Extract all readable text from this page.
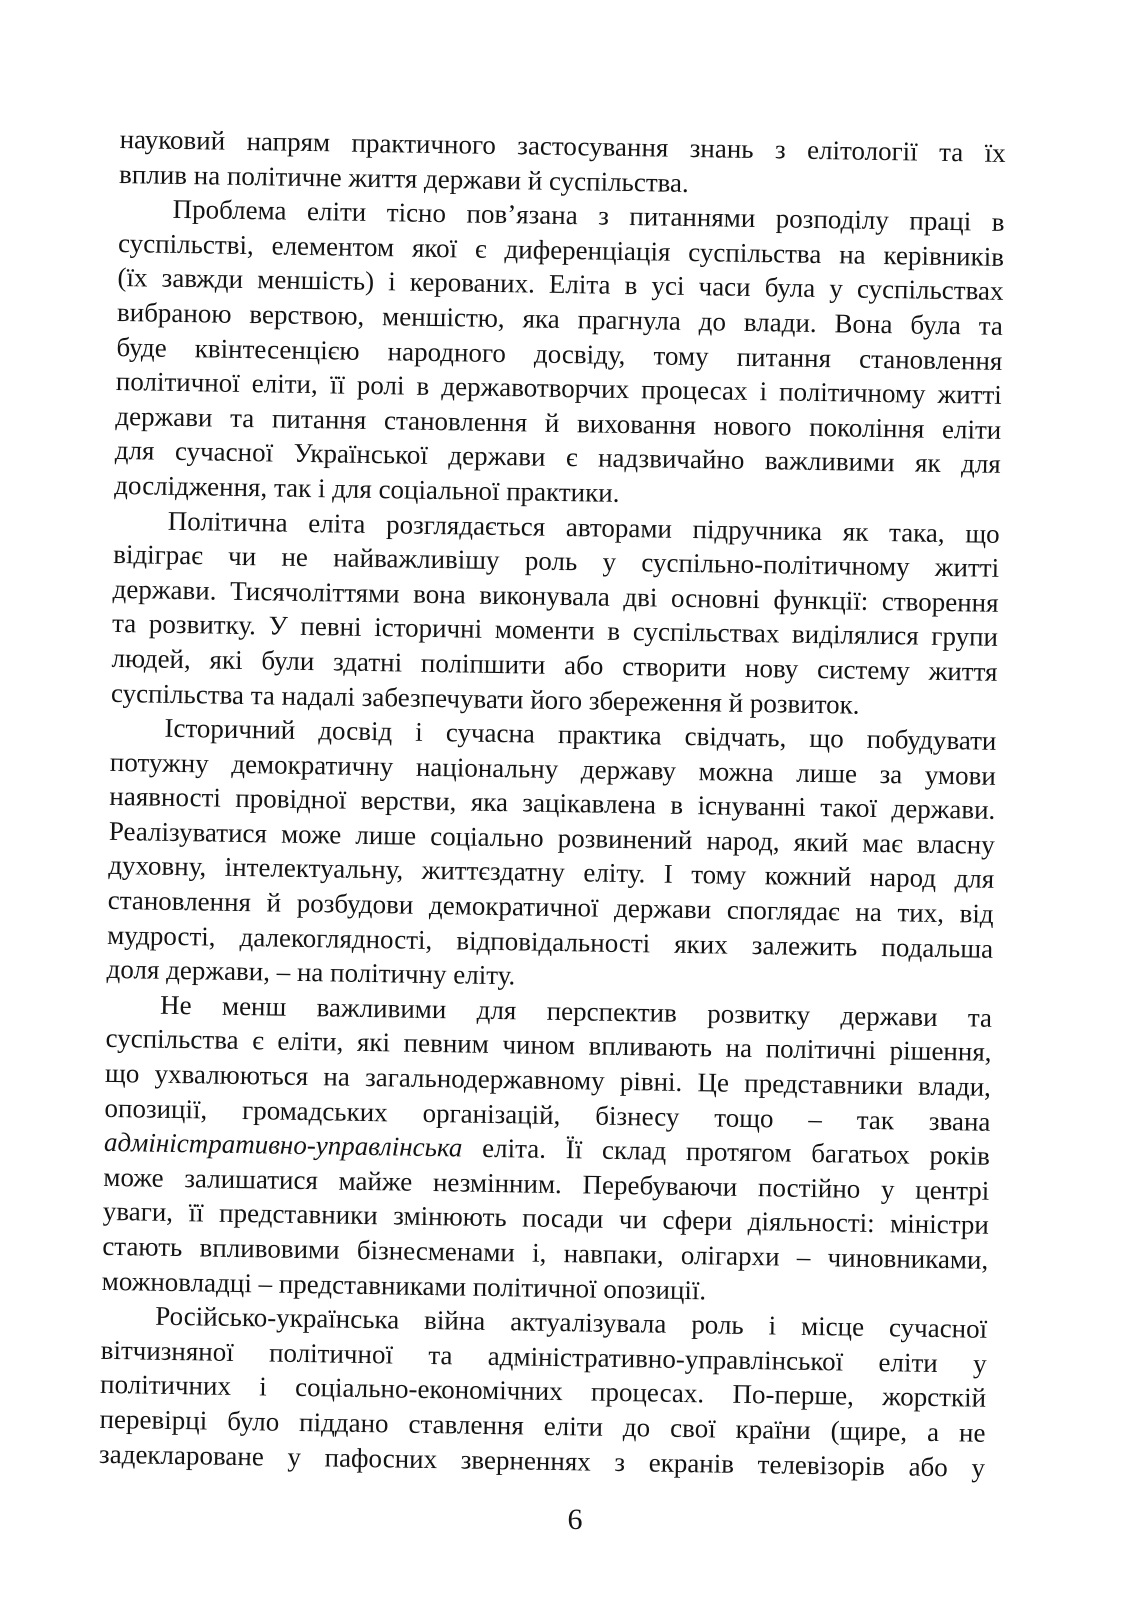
науковий напрям практичного застосування знань з елітології та їх
вплив на політичне життя держави й суспільства.
Проблема еліти тісно пов’язана з питаннями розподілу праці в
суспільстві, елементом якої є диференціація суспільства на керівників
(їх завжди меншість) і керованих. Еліта в усі часи була у суспільствах
вибраною верствою, меншістю, яка прагнула до влади. Вона була та
буде квінтесенцією народного досвіду, тому питання становлення
політичної еліти, її ролі в державотворчих процесах і політичному житті
держави та питання становлення й виховання нового покоління еліти
для сучасної Української держави є надзвичайно важливими як для
дослідження, так і для соціальної практики.
Політична еліта розглядається авторами підручника як така, що
відіграє чи не найважливішу роль у суспільно-політичному житті
держави. Тисячоліттями вона виконувала дві основні функції: створення
та розвитку. У певні історичні моменти в суспільствах виділялися групи
людей, які були здатні поліпшити або створити нову систему життя
суспільства та надалі забезпечувати його збереження й розвиток.
Історичний досвід і сучасна практика свідчать, що побудувати
потужну демократичну національну державу можна лише за умови
наявності провідної верстви, яка зацікавлена в існуванні такої держави.
Реалізуватися може лише соціально розвинений народ, який має власну
духовну, інтелектуальну, життєздатну еліту. І тому кожний народ для
становлення й розбудови демократичної держави споглядає на тих, від
мудрості, далекоглядності, відповідальності яких залежить подальша
доля держави, – на політичну еліту.
Не менш важливими для перспектив розвитку держави та
суспільства є еліти, які певним чином впливають на політичні рішення,
що ухвалюються на загальнодержавному рівні. Це представники влади,
опозиції, громадських організацій, бізнесу тощо – так звана
адміністративно-управлінська еліта. Її склад протягом багатьох років
може залишатися майже незмінним. Перебуваючи постійно у центрі
уваги, її представники змінюють посади чи сфери діяльності: міністри
стають впливовими бізнесменами і, навпаки, олігархи – чиновниками,
можновладці – представниками політичної опозиції.
Російсько-українська війна актуалізувала роль і місце сучасної
вітчизняної політичної та адміністративно-управлінської еліти у
політичних і соціально-економічних процесах. По-перше, жорсткій
перевірці було піддано ставлення еліти до свої країни (щире, а не
задеклароване у пафосних зверненнях з екранів телевізорів або у
6
